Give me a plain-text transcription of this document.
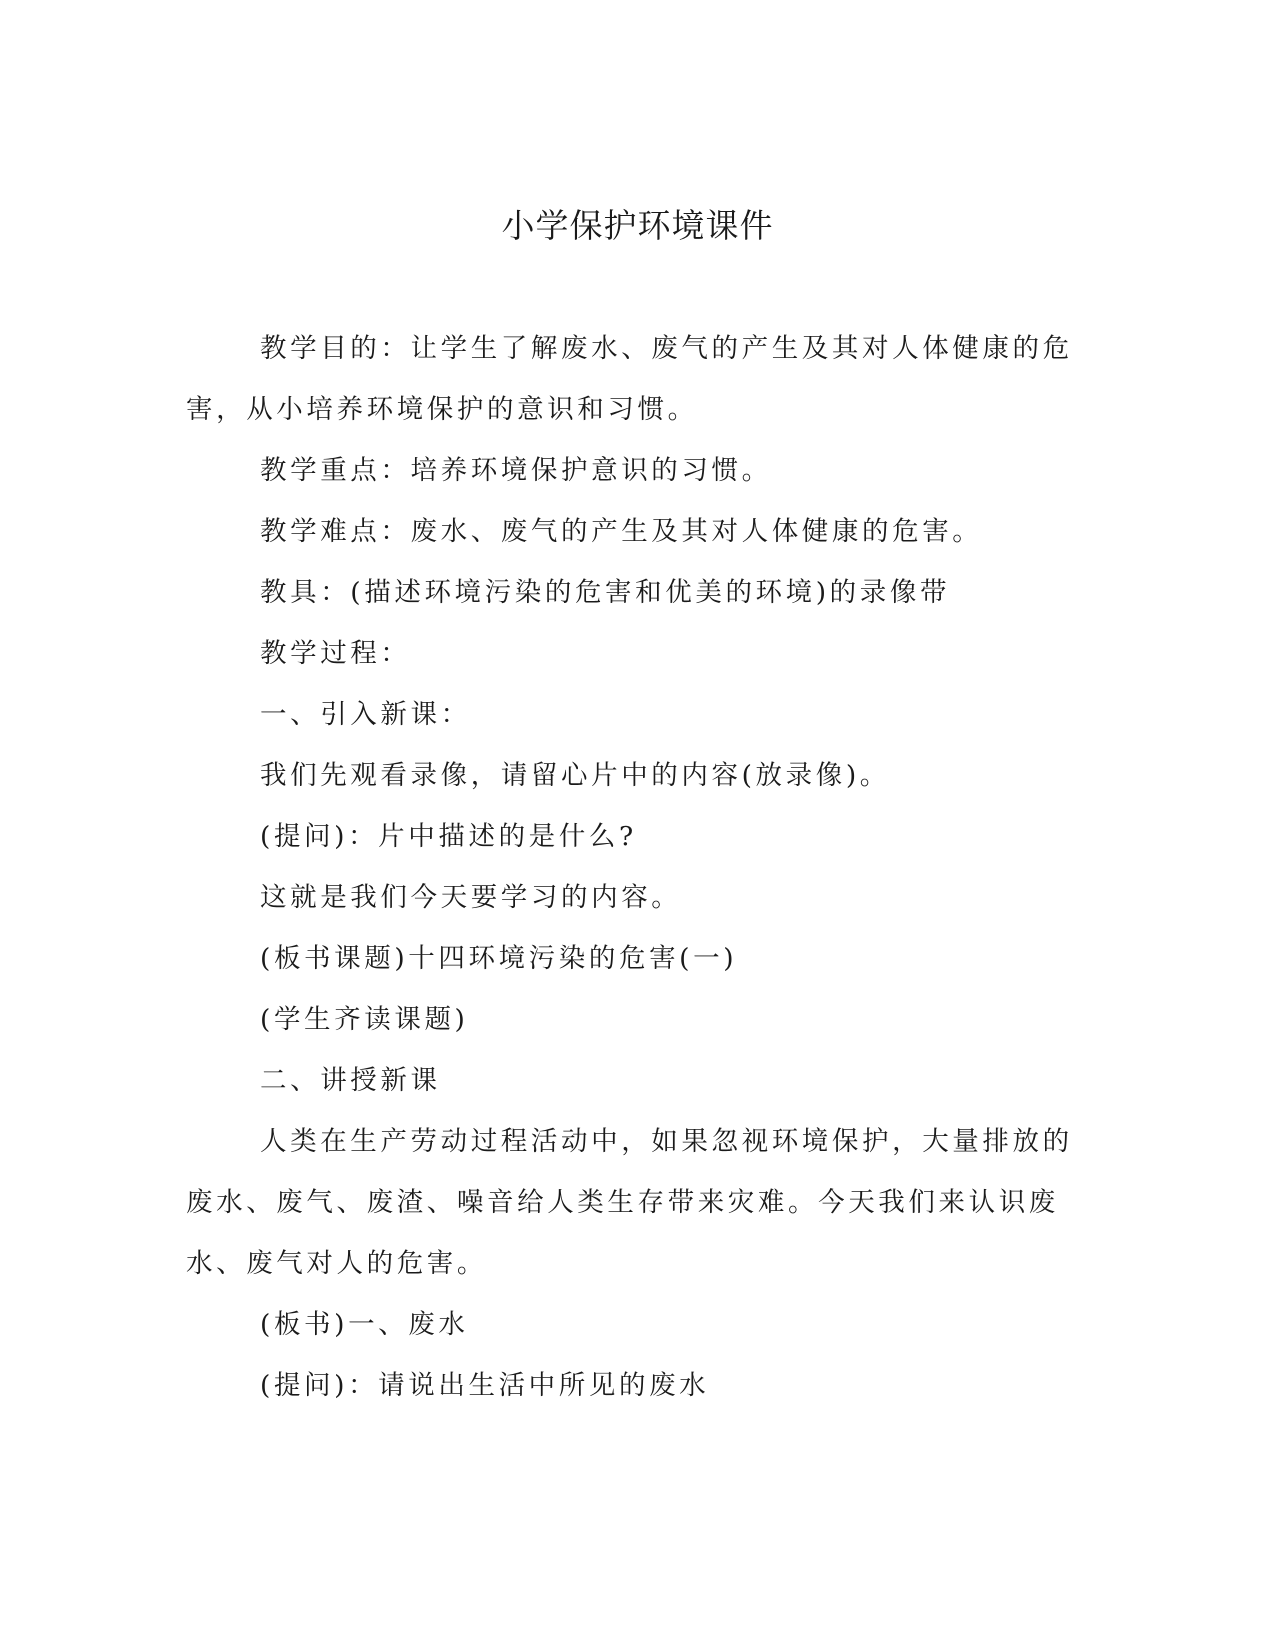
小学保护环境课件

教学目的：让学生了解废水、废气的产生及其对人体健康的危害，从小培养环境保护的意识和习惯。

教学重点：培养环境保护意识的习惯。

教学难点：废水、废气的产生及其对人体健康的危害。

教具：(描述环境污染的危害和优美的环境)的录像带

教学过程：

一、引入新课：

我们先观看录像，请留心片中的内容(放录像)。

(提问)：片中描述的是什么?

这就是我们今天要学习的内容。

(板书课题)十四环境污染的危害(一)

(学生齐读课题)

二、讲授新课

人类在生产劳动过程活动中，如果忽视环境保护，大量排放的废水、废气、废渣、噪音给人类生存带来灾难。今天我们来认识废水、废气对人的危害。

(板书)一、废水

(提问)：请说出生活中所见的废水
